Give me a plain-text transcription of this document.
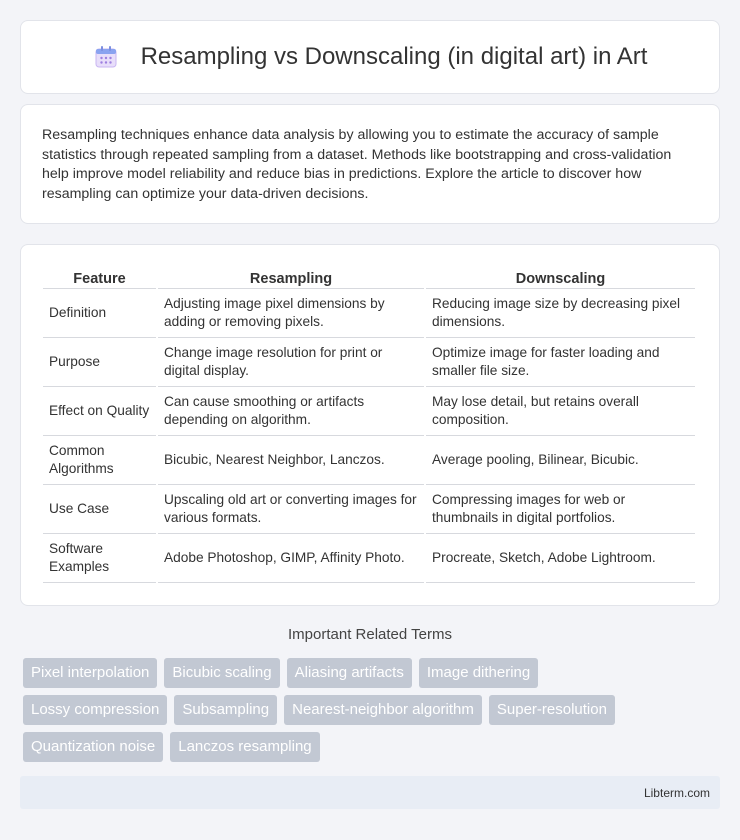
Resampling vs Downscaling (in digital art) in Art

Resampling techniques enhance data analysis by allowing you to estimate the accuracy of sample statistics through repeated sampling from a dataset. Methods like bootstrapping and cross-validation help improve model reliability and reduce bias in predictions. Explore the article to discover how resampling can optimize your data-driven decisions.

Feature	Resampling	Downscaling
Definition	Adjusting image pixel dimensions by adding or removing pixels.	Reducing image size by decreasing pixel dimensions.
Purpose	Change image resolution for print or digital display.	Optimize image for faster loading and smaller file size.
Effect on Quality	Can cause smoothing or artifacts depending on algorithm.	May lose detail, but retains overall composition.
Common Algorithms	Bicubic, Nearest Neighbor, Lanczos.	Average pooling, Bilinear, Bicubic.
Use Case	Upscaling old art or converting images for various formats.	Compressing images for web or thumbnails in digital portfolios.
Software Examples	Adobe Photoshop, GIMP, Affinity Photo.	Procreate, Sketch, Adobe Lightroom.
Important Related Terms
Pixel interpolation	Bicubic scaling	Aliasing artifacts	Image dithering
Lossy compression	Subsampling	Nearest-neighbor algorithm	Super-resolution
Quantization noise	Lanczos resampling
Libterm.com
